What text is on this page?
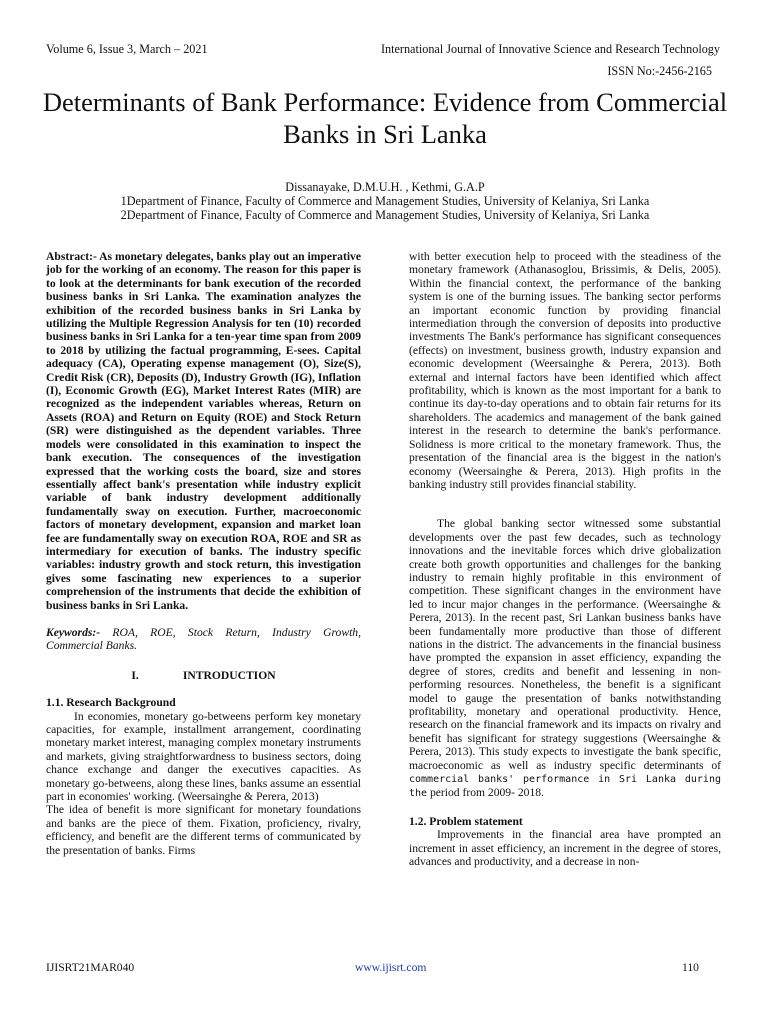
Volume 6, Issue 3, March – 2021	International Journal of Innovative Science and Research Technology
ISSN No:-2456-2165
Determinants of Bank Performance: Evidence from Commercial Banks in Sri Lanka
Dissanayake, D.M.U.H. , Kethmi, G.A.P
1Department of Finance, Faculty of Commerce and Management Studies, University of Kelaniya, Sri Lanka
2Department of Finance, Faculty of Commerce and Management Studies, University of Kelaniya, Sri Lanka

Abstract:- As monetary delegates, banks play out an imperative job for the working of an economy. The reason for this paper is to look at the determinants for bank execution of the recorded business banks in Sri Lanka. The examination analyzes the exhibition of the recorded business banks in Sri Lanka by utilizing the Multiple Regression Analysis for ten (10) recorded business banks in Sri Lanka for a ten-year time span from 2009 to 2018 by utilizing the factual programming, E-sees. Capital adequacy (CA), Operating expense management (O), Size(S), Credit Risk (CR), Deposits (D), Industry Growth (IG), Inflation (I), Economic Growth (EG), Market Interest Rates (MIR) are recognized as the independent variables whereas, Return on Assets (ROA) and Return on Equity (ROE) and Stock Return (SR) were distinguished as the dependent variables. Three models were consolidated in this examination to inspect the bank execution. The consequences of the investigation expressed that the working costs the board, size and stores essentially affect bank's presentation while industry explicit variable of bank industry development additionally fundamentally sway on execution. Further, macroeconomic factors of monetary development, expansion and market loan fee are fundamentally sway on execution ROA, ROE and SR as intermediary for execution of banks. The industry specific variables: industry growth and stock return, this investigation gives some fascinating new experiences to a superior comprehension of the instruments that decide the exhibition of business banks in Sri Lanka.

Keywords:- ROA, ROE, Stock Return, Industry Growth, Commercial Banks.

I.	INTRODUCTION

1.1. Research Background

In economies, monetary go-betweens perform key monetary capacities, for example, installment arrangement, coordinating monetary market interest, managing complex monetary instruments and markets, giving straightforwardness to business sectors, doing chance exchange and danger the executives capacities. As monetary go-betweens, along these lines, banks assume an essential part in economies' working. (Weersainghe & Perera, 2013)

The idea of benefit is more significant for monetary foundations and banks are the piece of them. Fixation, proficiency, rivalry, efficiency, and benefit are the different terms of communicated by the presentation of banks. Firms

with better execution help to proceed with the steadiness of the monetary framework (Athanasoglou, Brissimis, & Delis, 2005). Within the financial context, the performance of the banking system is one of the burning issues. The banking sector performs an important economic function by providing financial intermediation through the conversion of deposits into productive investments The Bank's performance has significant consequences (effects) on investment, business growth, industry expansion and economic development (Weersainghe & Perera, 2013). Both external and internal factors have been identified which affect profitability, which is known as the most important for a bank to continue its day-to-day operations and to obtain fair returns for its shareholders. The academics and management of the bank gained interest in the research to determine the bank's performance. Solidness is more critical to the monetary framework. Thus, the presentation of the financial area is the biggest in the nation's economy (Weersainghe & Perera, 2013). High profits in the banking industry still provides financial stability.

The global banking sector witnessed some substantial developments over the past few decades, such as technology innovations and the inevitable forces which drive globalization create both growth opportunities and challenges for the banking industry to remain highly profitable in this environment of competition. These significant changes in the environment have led to incur major changes in the performance. (Weersainghe & Perera, 2013). In the recent past, Sri Lankan business banks have been fundamentally more productive than those of different nations in the district. The advancements in the financial business have prompted the expansion in asset efficiency, expanding the degree of stores, credits and benefit and lessening in non-performing resources. Nonetheless, the benefit is a significant model to gauge the presentation of banks notwithstanding profitability, monetary and operational productivity. Hence, research on the financial framework and its impacts on rivalry and benefit has significant for strategy suggestions (Weersainghe & Perera, 2013). This study expects to investigate the bank specific, macroeconomic as well as industry specific determinants of commercial banks' performance in Sri Lanka during the period from 2009- 2018.

1.2. Problem statement

Improvements in the financial area have prompted an increment in asset efficiency, an increment in the degree of stores, advances and productivity, and a decrease in non-

IJISRT21MAR040	www.ijisrt.com	110
